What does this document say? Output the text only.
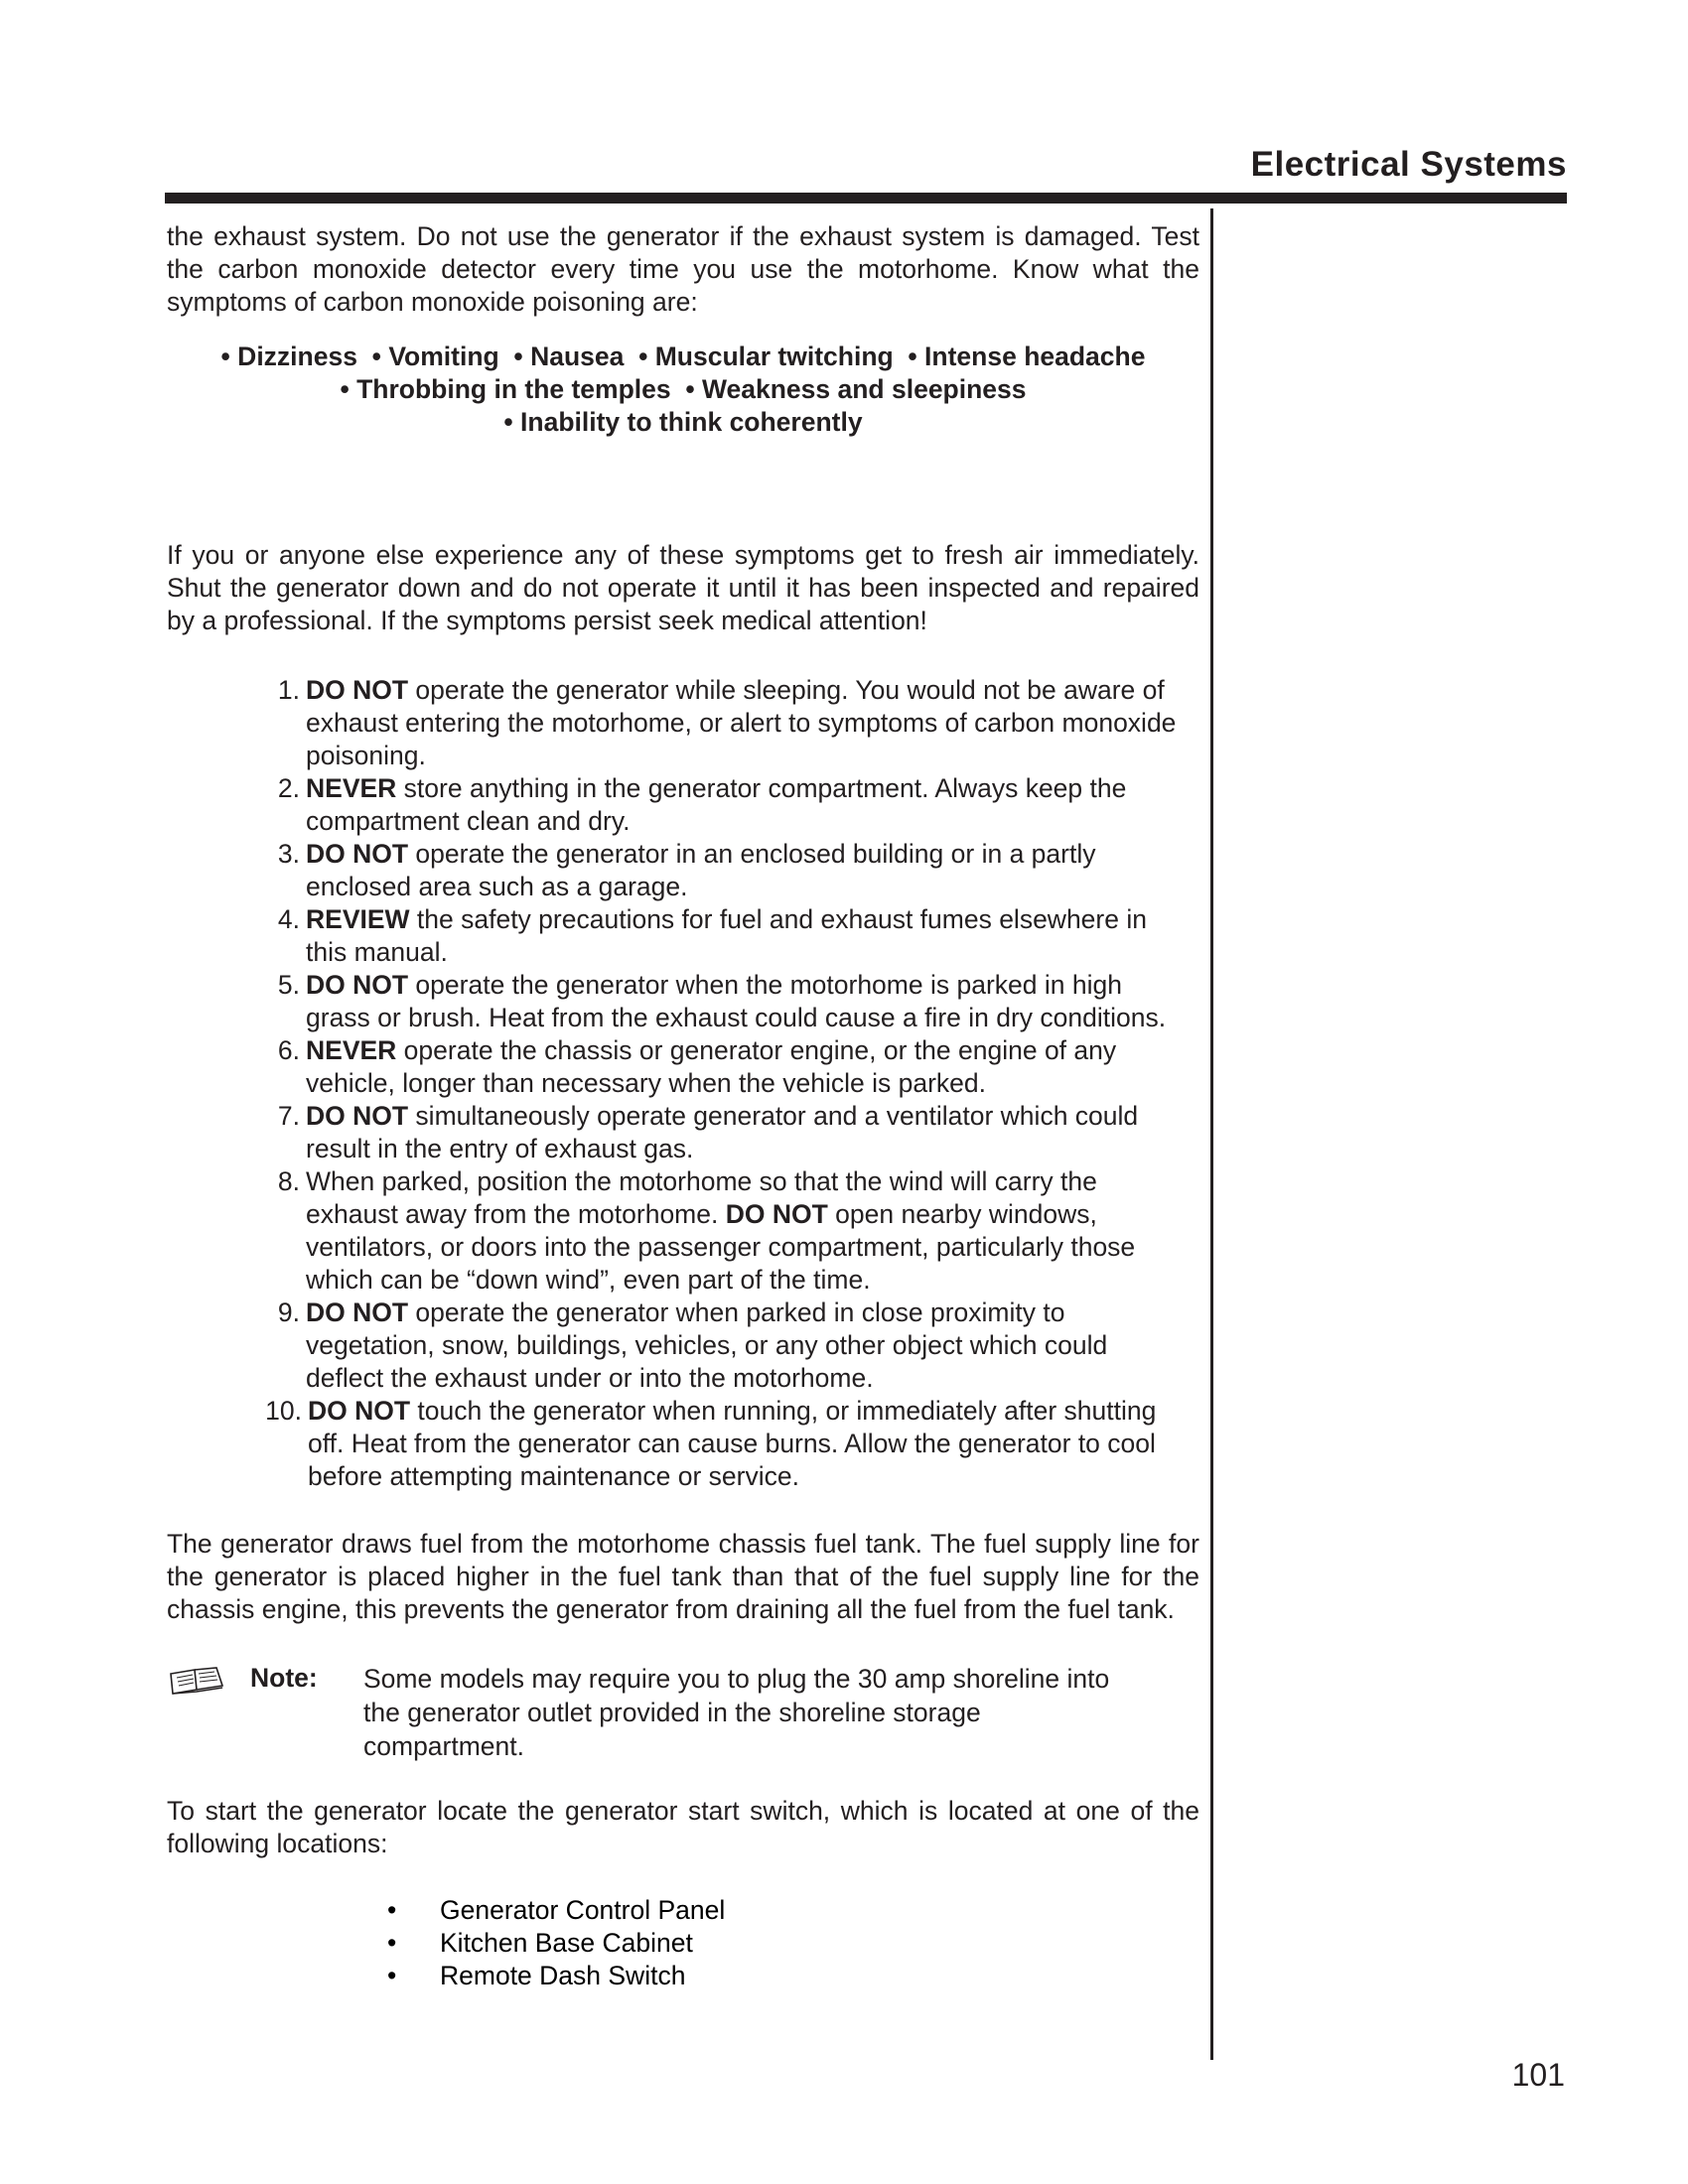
Electrical Systems

the exhaust system. Do not use the generator if the exhaust system is damaged. Test the carbon monoxide detector every time you use the motorhome. Know what the symptoms of carbon monoxide poisoning are:

• Dizziness  • Vomiting  • Nausea  • Muscular twitching  • Intense headache
• Throbbing in the temples  • Weakness and sleepiness
• Inability to think coherently

If you or anyone else experience any of these symptoms get to fresh air immediately. Shut the generator down and do not operate it until it has been inspected and repaired by a professional. If the symptoms persist seek medical attention!

1. DO NOT operate the generator while sleeping. You would not be aware of exhaust entering the motorhome, or alert to symptoms of carbon monoxide poisoning.
2. NEVER store anything in the generator compartment. Always keep the compartment clean and dry.
3. DO NOT operate the generator in an enclosed building or in a partly enclosed area such as a garage.
4. REVIEW the safety precautions for fuel and exhaust fumes elsewhere in this manual.
5. DO NOT operate the generator when the motorhome is parked in high grass or brush. Heat from the exhaust could cause a fire in dry conditions.
6. NEVER operate the chassis or generator engine, or the engine of any vehicle, longer than necessary when the vehicle is parked.
7. DO NOT simultaneously operate generator and a ventilator which could result in the entry of exhaust gas.
8. When parked, position the motorhome so that the wind will carry the exhaust away from the motorhome. DO NOT open nearby windows, ventilators, or doors into the passenger compartment, particularly those which can be “down wind”, even part of the time.
9. DO NOT operate the generator when parked in close proximity to vegetation, snow, buildings, vehicles, or any other object which could deflect the exhaust under or into the motorhome.
10. DO NOT touch the generator when running, or immediately after shutting off. Heat from the generator can cause burns. Allow the generator to cool before attempting maintenance or service.

The generator draws fuel from the motorhome chassis fuel tank. The fuel supply line for the generator is placed higher in the fuel tank than that of the fuel supply line for the chassis engine, this prevents the generator from draining all the fuel from the fuel tank.

Note: Some models may require you to plug the 30 amp shoreline into the generator outlet provided in the shoreline storage compartment.

To start the generator locate the generator start switch, which is located at one of the following locations:

• Generator Control Panel
• Kitchen Base Cabinet
• Remote Dash Switch
101
